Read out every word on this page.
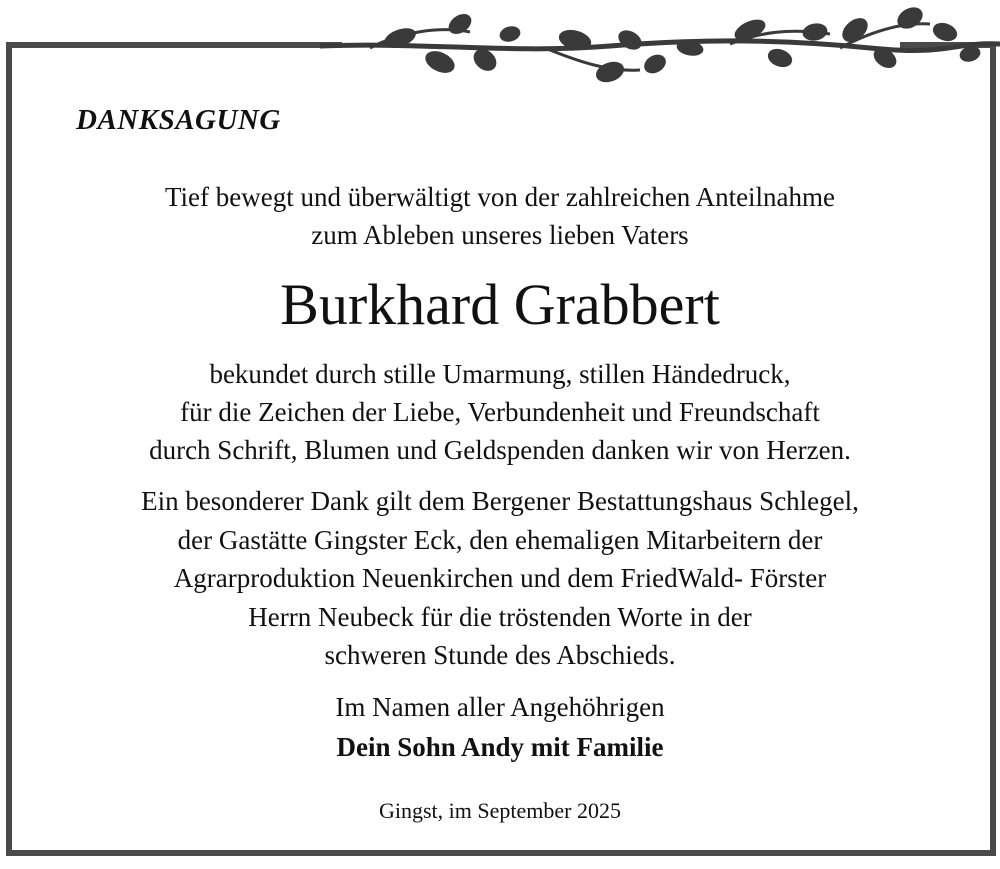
DANKSAGUNG
Tief bewegt und überwältigt von der zahlreichen Anteilnahme
zum Ableben unseres lieben Vaters
Burkhard Grabbert
bekundet durch stille Umarmung, stillen Händedruck,
für die Zeichen der Liebe, Verbundenheit und Freundschaft
durch Schrift, Blumen und Geldspenden danken wir von Herzen.
Ein besonderer Dank gilt dem Bergener Bestattungshaus Schlegel,
der Gastätte Gingster Eck, den ehemaligen Mitarbeitern der
Agrarproduktion Neuenkirchen und dem FriedWald- Förster
Herrn Neubeck für die tröstenden Worte in der
schweren Stunde des Abschieds.
Im Namen aller Angehöhrigen
Dein Sohn Andy mit Familie
Gingst, im September 2025
